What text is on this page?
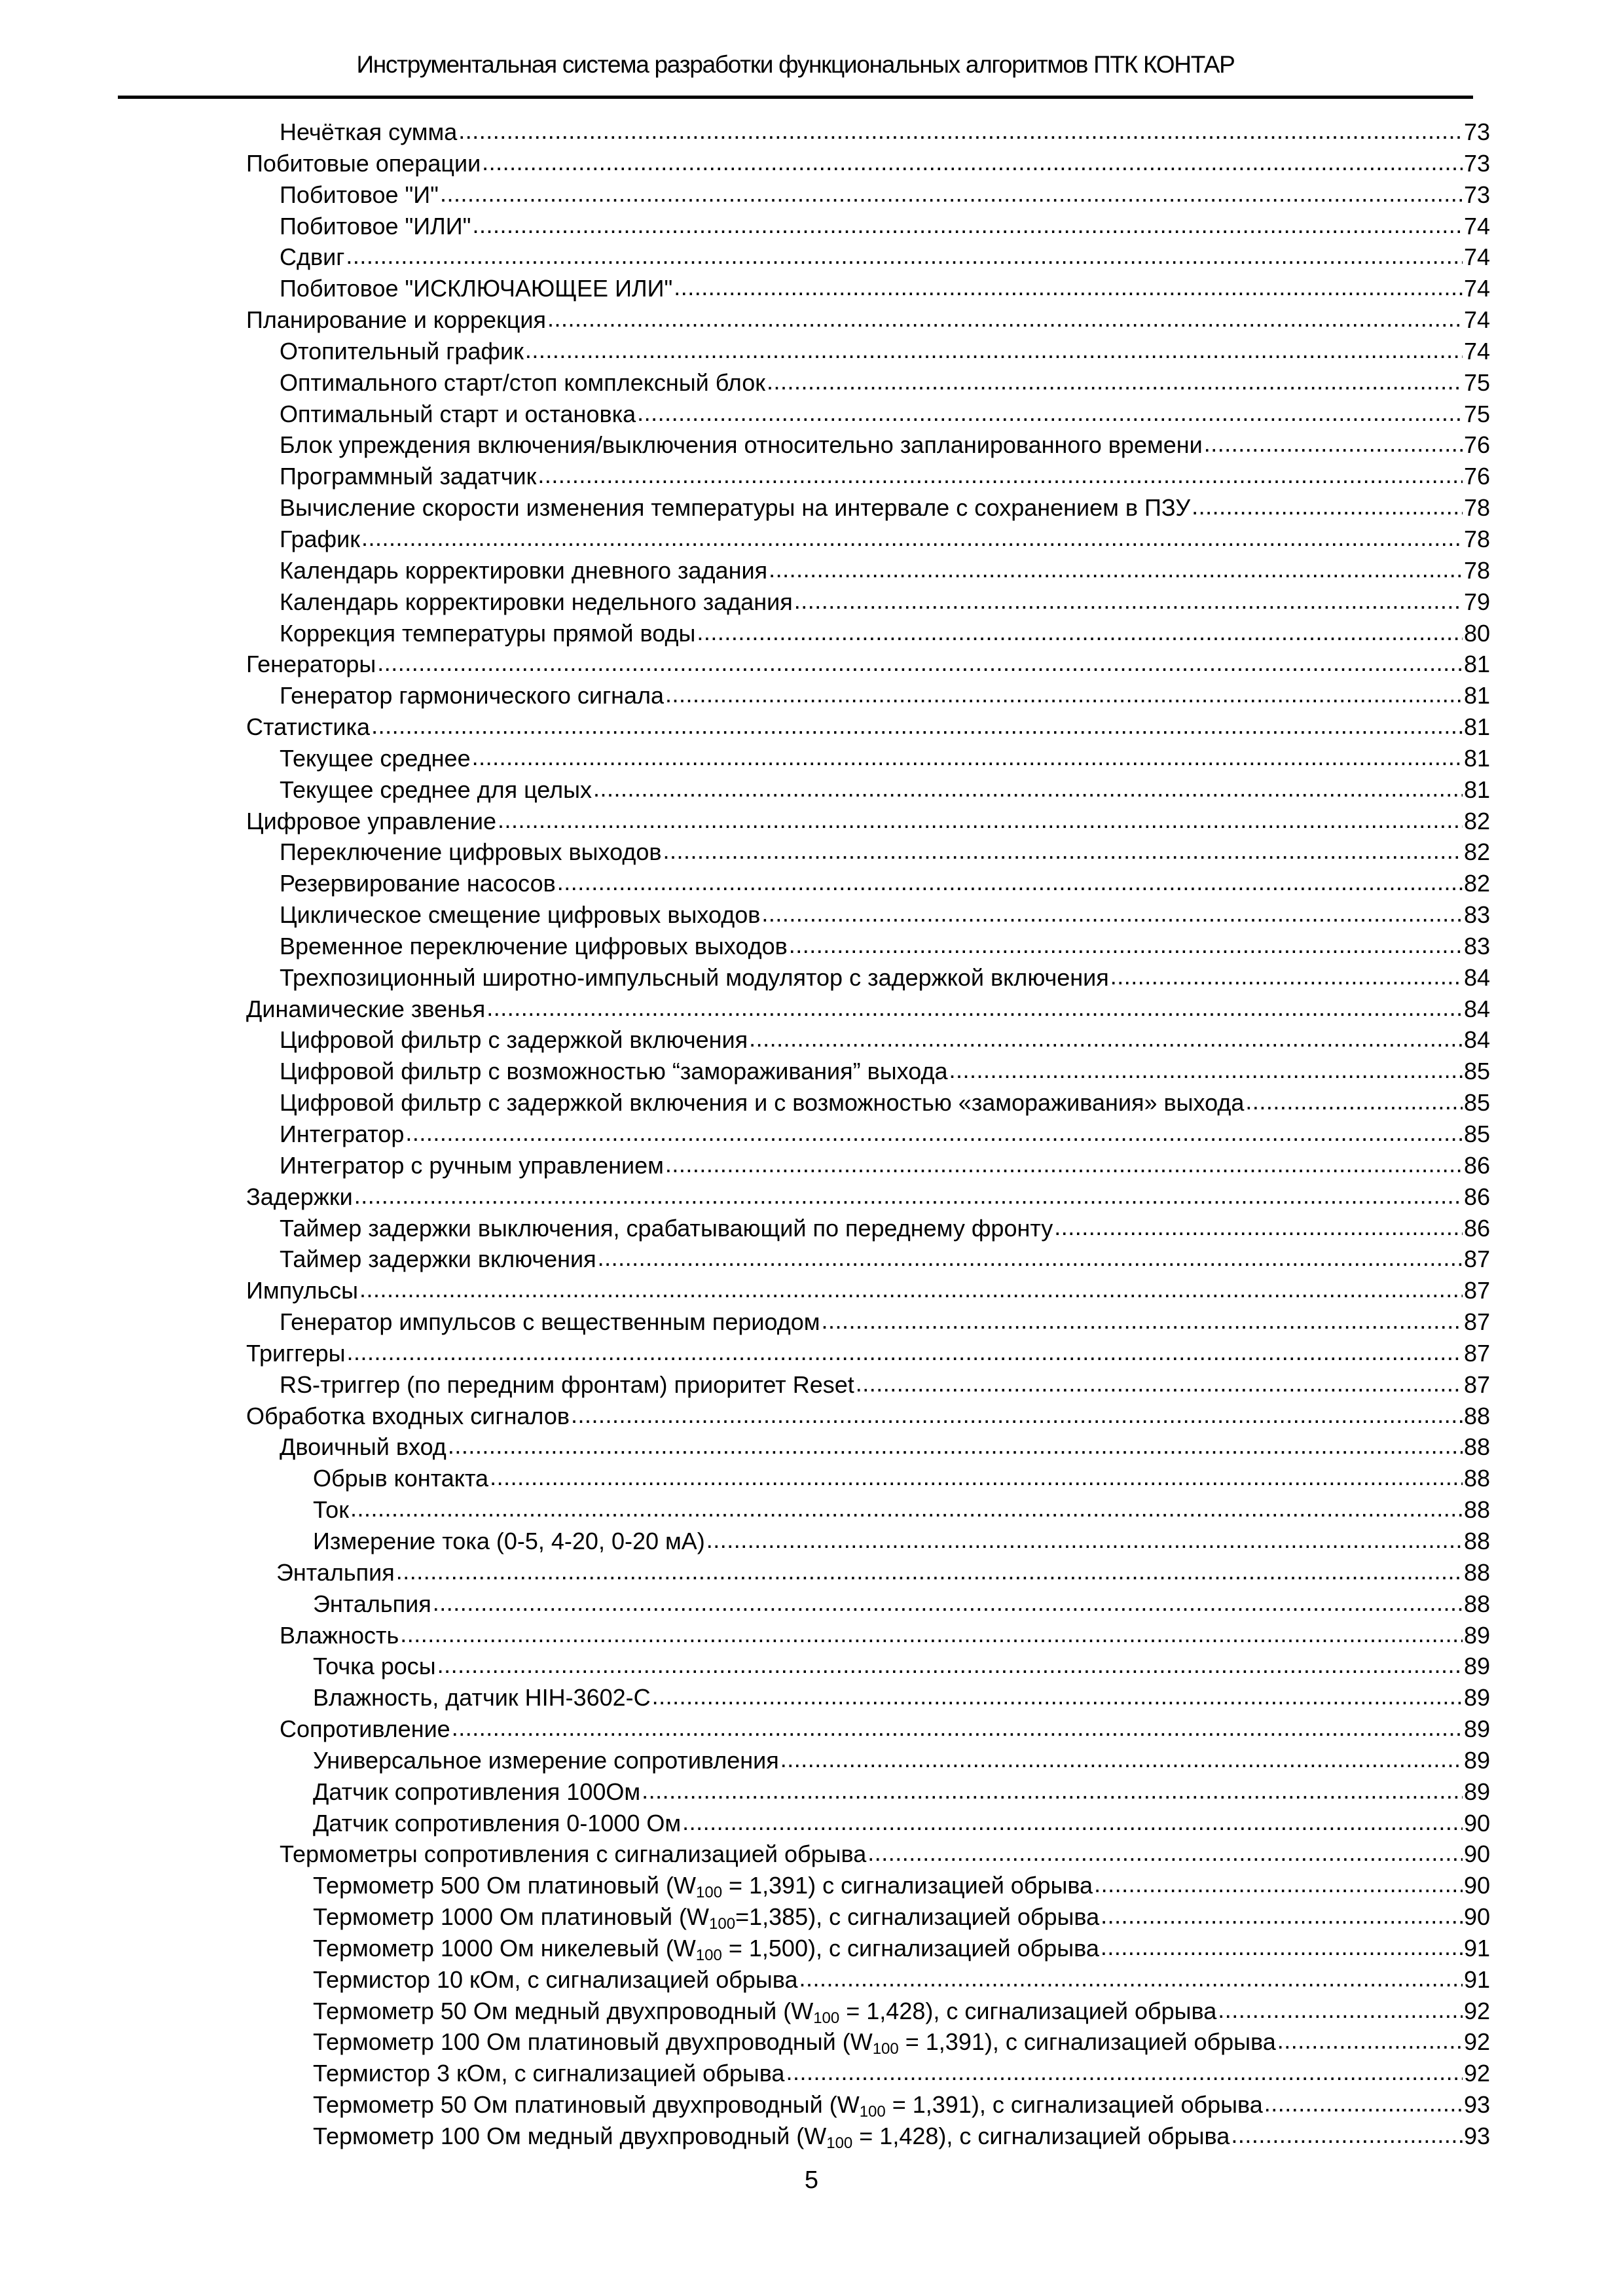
Инструментальная система разработки функциональных алгоритмов ПТК КОНТАР
Нечёткая сумма .....	73
Побитовые операции .....	73
Побитовое "И" .....	73
Побитовое "ИЛИ" .....	74
Сдвиг .....	74
Побитовое "ИСКЛЮЧАЮЩЕЕ ИЛИ" .....	74
Планирование и коррекция .....	74
Отопительный график .....	74
Оптимального старт/стоп комплексный блок .....	75
Оптимальный старт и остановка .....	75
Блок упреждения включения/выключения относительно запланированного времени .....	76
Программный задатчик .....	76
Вычисление скорости изменения температуры на интервале с сохранением в ПЗУ .....	78
График .....	78
Календарь корректировки дневного задания .....	78
Календарь корректировки недельного задания .....	79
Коррекция температуры прямой воды .....	80
Генераторы .....	81
Генератор гармонического сигнала .....	81
Статистика .....	81
Текущее среднее .....	81
Текущее среднее для целых .....	81
Цифровое управление .....	82
Переключение цифровых выходов .....	82
Резервирование насосов .....	82
Циклическое смещение цифровых выходов .....	83
Временное переключение цифровых выходов .....	83
Трехпозиционный широтно-импульсный модулятор с задержкой включения .....	84
Динамические звенья .....	84
Цифровой фильтр с задержкой включения .....	84
Цифровой фильтр с возможностью “замораживания” выхода .....	85
Цифровой фильтр с задержкой включения и с возможностью «замораживания» выхода .....	85
Интегратор .....	85
Интегратор с ручным управлением .....	86
Задержки .....	86
Таймер задержки выключения, срабатывающий по переднему фронту .....	86
Таймер задержки включения .....	87
Импульсы .....	87
Генератор импульсов с вещественным периодом .....	87
Триггеры .....	87
RS-триггер (по передним фронтам) приоритет Reset .....	87
Обработка входных сигналов .....	88
Двоичный вход .....	88
Обрыв контакта .....	88
Ток .....	88
Измерение тока (0-5, 4-20, 0-20 мА) .....	88
Энтальпия .....	88
Энтальпия .....	88
Влажность .....	89
Точка росы .....	89
Влажность, датчик HIH-3602-C .....	89
Сопротивление .....	89
Универсальное измерение сопротивления .....	89
Датчик сопротивления 100Ом .....	89
Датчик сопротивления 0-1000 Ом .....	90
Термометры сопротивления с сигнализацией обрыва .....	90
Термометр 500 Ом платиновый $(W_{100} = 1,391)$ с сигнализацией обрыва .....	90
Термометр 1000 Ом платиновый $(W_{100}=1,385)$, с сигнализацией обрыва .....	90
Термометр 1000 Ом никелевый $(W_{100} = 1,500)$, с сигнализацией обрыва .....	91
Термистор 10 кОм, с сигнализацией обрыва .....	91
Термометр 50 Ом медный двухпроводный $(W_{100} = 1,428)$, с сигнализацией обрыва .....	92
Термометр 100 Ом платиновый двухпроводный $(W_{100} = 1,391)$, с сигнализацией обрыва .....	92
Термистор 3 кОм, с сигнализацией обрыва .....	92
Термометр 50 Ом платиновый двухпроводный $(W_{100} = 1,391)$, с сигнализацией обрыва .....	93
Термометр 100 Ом медный двухпроводный $(W_{100} = 1,428)$, с сигнализацией обрыва .....	93
5
